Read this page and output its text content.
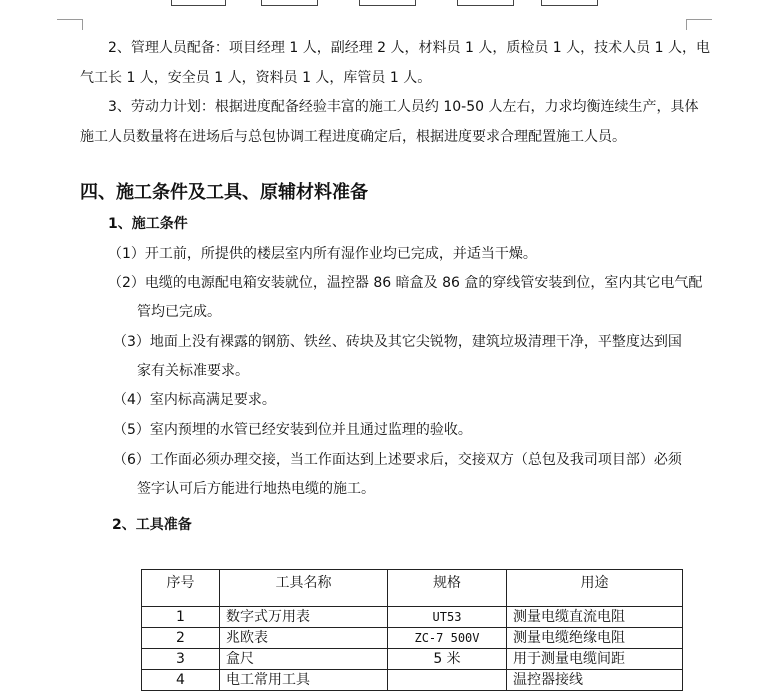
2、管理人员配备：项目经理 1 人，副经理 2 人，材料员 1 人，质检员 1 人，技术人员 1 人，电
气工长 1 人，安全员 1 人，资料员 1 人，库管员 1 人。
3、劳动力计划：根据进度配备经验丰富的施工人员约 10-50 人左右，力求均衡连续生产，具体
施工人员数量将在进场后与总包协调工程进度确定后，根据进度要求合理配置施工人员。
四、施工条件及工具、原辅材料准备
1、施工条件
（1）开工前，所提供的楼层室内所有湿作业均已完成，并适当干燥。
（2）电缆的电源配电箱安装就位，温控器 86 暗盒及 86 盒的穿线管安装到位，室内其它电气配
管均已完成。
（3）地面上没有裸露的钢筋、铁丝、砖块及其它尖锐物，建筑垃圾清理干净，平整度达到国
家有关标准要求。
（4）室内标高满足要求。
（5）室内预埋的水管已经安装到位并且通过监理的验收。
（6）工作面必须办理交接，当工作面达到上述要求后，交接双方（总包及我司项目部）必须
签字认可后方能进行地热电缆的施工。
2、工具准备
序号	工具名称	规格	用途
1	数字式万用表	UT53	测量电缆直流电阻
2	兆欧表	ZC-7 500V	测量电缆绝缘电阻
3	盒尺	5 米	用于测量电缆间距
4	电工常用工具		温控器接线
